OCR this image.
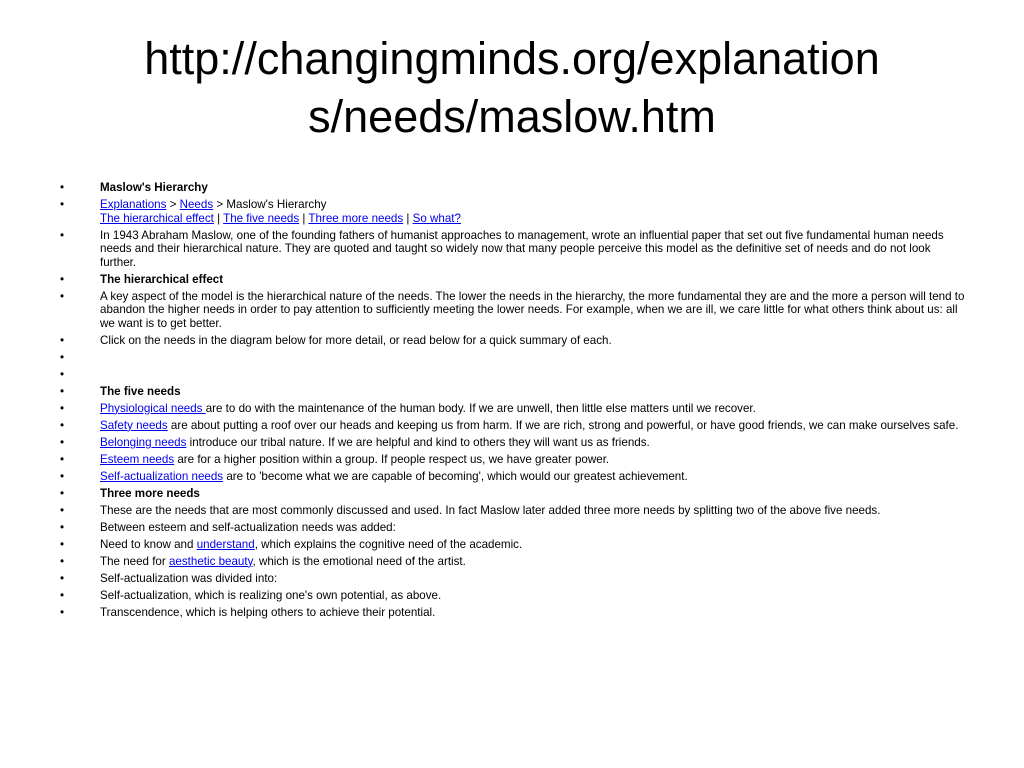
http://changingminds.org/explanation
s/needs/maslow.htm
•	Maslow's Hierarchy
•	Explanations > Needs > Maslow's Hierarchy
The hierarchical effect | The five needs | Three more needs | So what?
•	In 1943 Abraham Maslow, one of the founding fathers of humanist approaches to management, wrote an influential paper that set out five fundamental human needs needs and their hierarchical nature. They are quoted and taught so widely now that many people perceive this model as the definitive set of needs and do not look further.
•	The hierarchical effect
•	A key aspect of the model is the hierarchical nature of the needs. The lower the needs in the hierarchy, the more fundamental they are and the more a person will tend to abandon the higher needs in order to pay attention to sufficiently meeting the lower needs. For example, when we are ill, we care little for what others think about us: all we want is to get better.
•	Click on the needs in the diagram below for more detail, or read below for a quick summary of each.
•
•
•	The five needs
•	Physiological needs are to do with the maintenance of the human body. If we are unwell, then little else matters until we recover.
•	Safety needs are about putting a roof over our heads and keeping us from harm. If we are rich, strong and powerful, or have good friends, we can make ourselves safe.
•	Belonging needs introduce our tribal nature. If we are helpful and kind to others they will want us as friends.
•	Esteem needs are for a higher position within a group. If people respect us, we have greater power.
•	Self-actualization needs are to 'become what we are capable of becoming', which would our greatest achievement.
•	Three more needs
•	These are the needs that are most commonly discussed and used. In fact Maslow later added three more needs by splitting two of the above five needs.
•	Between esteem and self-actualization needs was added:
•	Need to know and understand, which explains the cognitive need of the academic.
•	The need for aesthetic beauty, which is the emotional need of the artist.
•	Self-actualization was divided into:
•	Self-actualization, which is realizing one's own potential, as above.
•	Transcendence, which is helping others to achieve their potential.
